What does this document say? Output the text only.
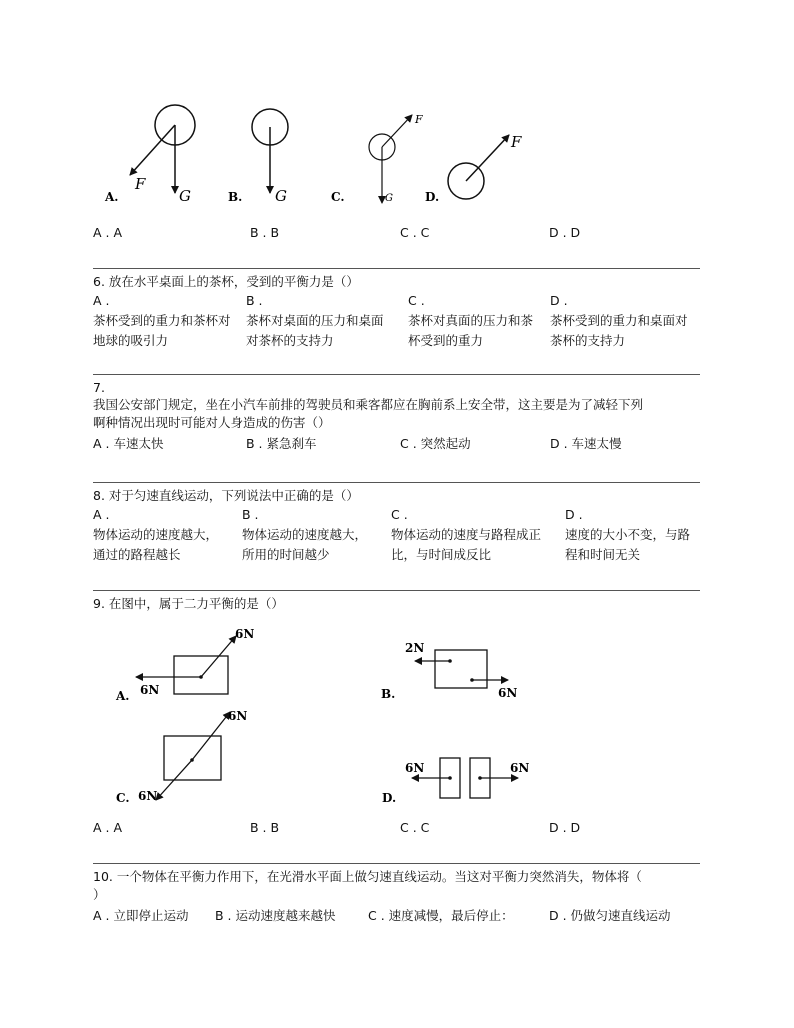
F
G
A.	G
B.
F
G
C.
F
D.
A . A	B . B	C . C	D . D
6. 放在水平桌面上的茶杯，受到的平衡力是（）
A .
茶杯受到的重力和茶杯对
地球的吸引力
B .
茶杯对桌面的压力和桌面
对茶杯的支持力
C .
茶杯对真面的压力和茶
杯受到的重力
D .
茶杯受到的重力和桌面对
茶杯的支持力
7.
我国公安部门规定，坐在小汽车前排的驾驶员和乘客都应在胸前系上安全带，这主要是为了减轻下列
啊种情况出现时可能对人身造成的伤害（）
A . 车速太快	B . 紧急刹车	C . 突然起动	D . 车速太慢
8. 对于匀速直线运动，下列说法中正确的是（）
A .
物体运动的速度越大，
通过的路程越长
B .
物体运动的速度越大，
所用的时间越少
C .
物体运动的速度与路程成正
比，与时间成反比
D .
速度的大小不变，与路
程和时间无关
9. 在图中，属于二力平衡的是（）
6N
6N
A.
2N
6N
B.
6N
6N
C.
6N	6N
D.
A . A	B . B	C . C	D . D
10. 一个物体在平衡力作用下，在光滑水平面上做匀速直线运动。当这对平衡力突然消失，物体将（
）
A . 立即停止运动 B . 运动速度越来越快	C . 速度减慢，最后停止：	D . 仍做匀速直线运动
